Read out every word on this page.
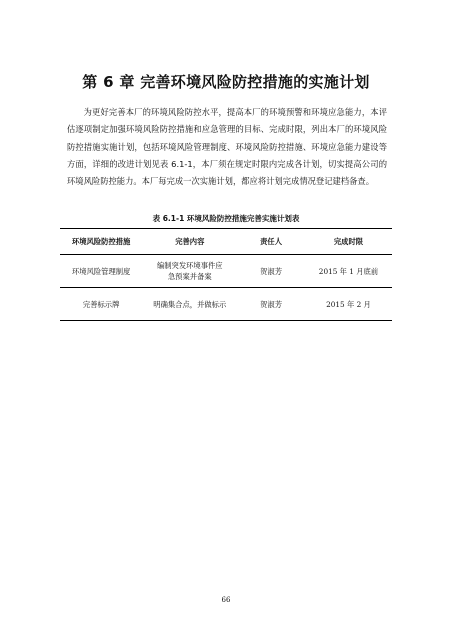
第 6 章 完善环境风险防控措施的实施计划

为更好完善本厂的环境风险防控水平，提高本厂的环境预警和环境应急能力，本评估逐项制定加强环境风险防控措施和应急管理的目标、完成时限，列出本厂的环境风险防控措施实施计划，包括环境风险管理制度、环境风险防控措施、环境应急能力建设等方面，详细的改进计划见表 6.1-1，本厂须在规定时限内完成各计划，切实提高公司的环境风险防控能力。本厂每完成一次实施计划，都应将计划完成情况登记建档备查。

表 6.1-1 环境风险防控措施完善实施计划表
环境风险防控措施	完善内容	责任人	完成时限
环境风险管理制度	编制突发环境事件应急预案并备案	贺淑芳	2015 年 1 月底前
完善标示牌	明确集合点，并做标示	贺淑芳	2015 年 2 月
66
